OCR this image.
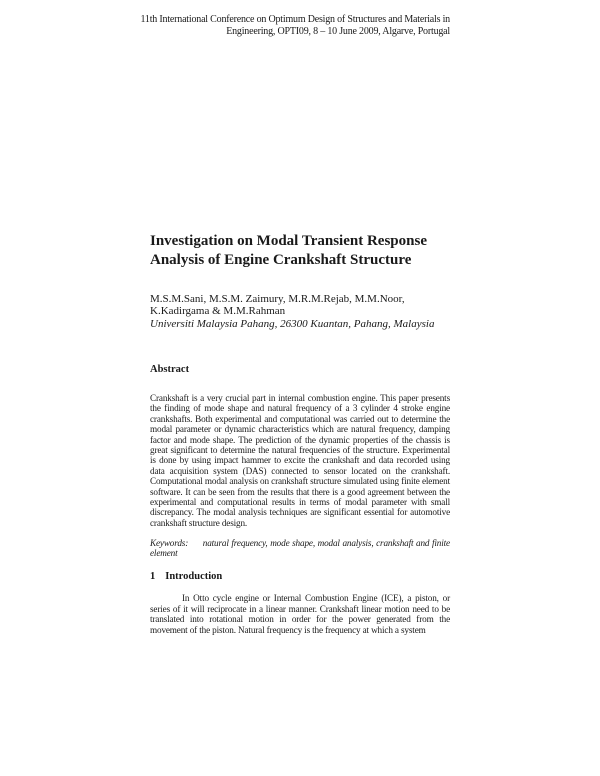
11th International Conference on Optimum Design of Structures and Materials in
Engineering, OPTI09, 8 – 10 June 2009, Algarve, Portugal
Investigation on Modal Transient Response
Analysis of Engine Crankshaft Structure
M.S.M.Sani, M.S.M. Zaimury, M.R.M.Rejab, M.M.Noor,
K.Kadirgama & M.M.Rahman
Universiti Malaysia Pahang, 26300 Kuantan, Pahang, Malaysia
Abstract
Crankshaft is a very crucial part in internal combustion engine. This paper presents the finding of mode shape and natural frequency of a 3 cylinder 4 stroke engine crankshafts. Both experimental and computational was carried out to determine the modal parameter or dynamic characteristics which are natural frequency, damping factor and mode shape. The prediction of the dynamic properties of the chassis is great significant to determine the natural frequencies of the structure. Experimental is done by using impact hammer to excite the crankshaft and data recorded using data acquisition system (DAS) connected to sensor located on the crankshaft. Computational modal analysis on crankshaft structure simulated using finite element software. It can be seen from the results that there is a good agreement between the experimental and computational results in terms of modal parameter with small discrepancy. The modal analysis techniques are significant essential for automotive crankshaft structure design.
Keywords: natural frequency, mode shape, modal analysis, crankshaft and finite element
1 Introduction

In Otto cycle engine or Internal Combustion Engine (ICE), a piston, or series of it will reciprocate in a linear manner. Crankshaft linear motion need to be translated into rotational motion in order for the power generated from the movement of the piston. Natural frequency is the frequency at which a system
